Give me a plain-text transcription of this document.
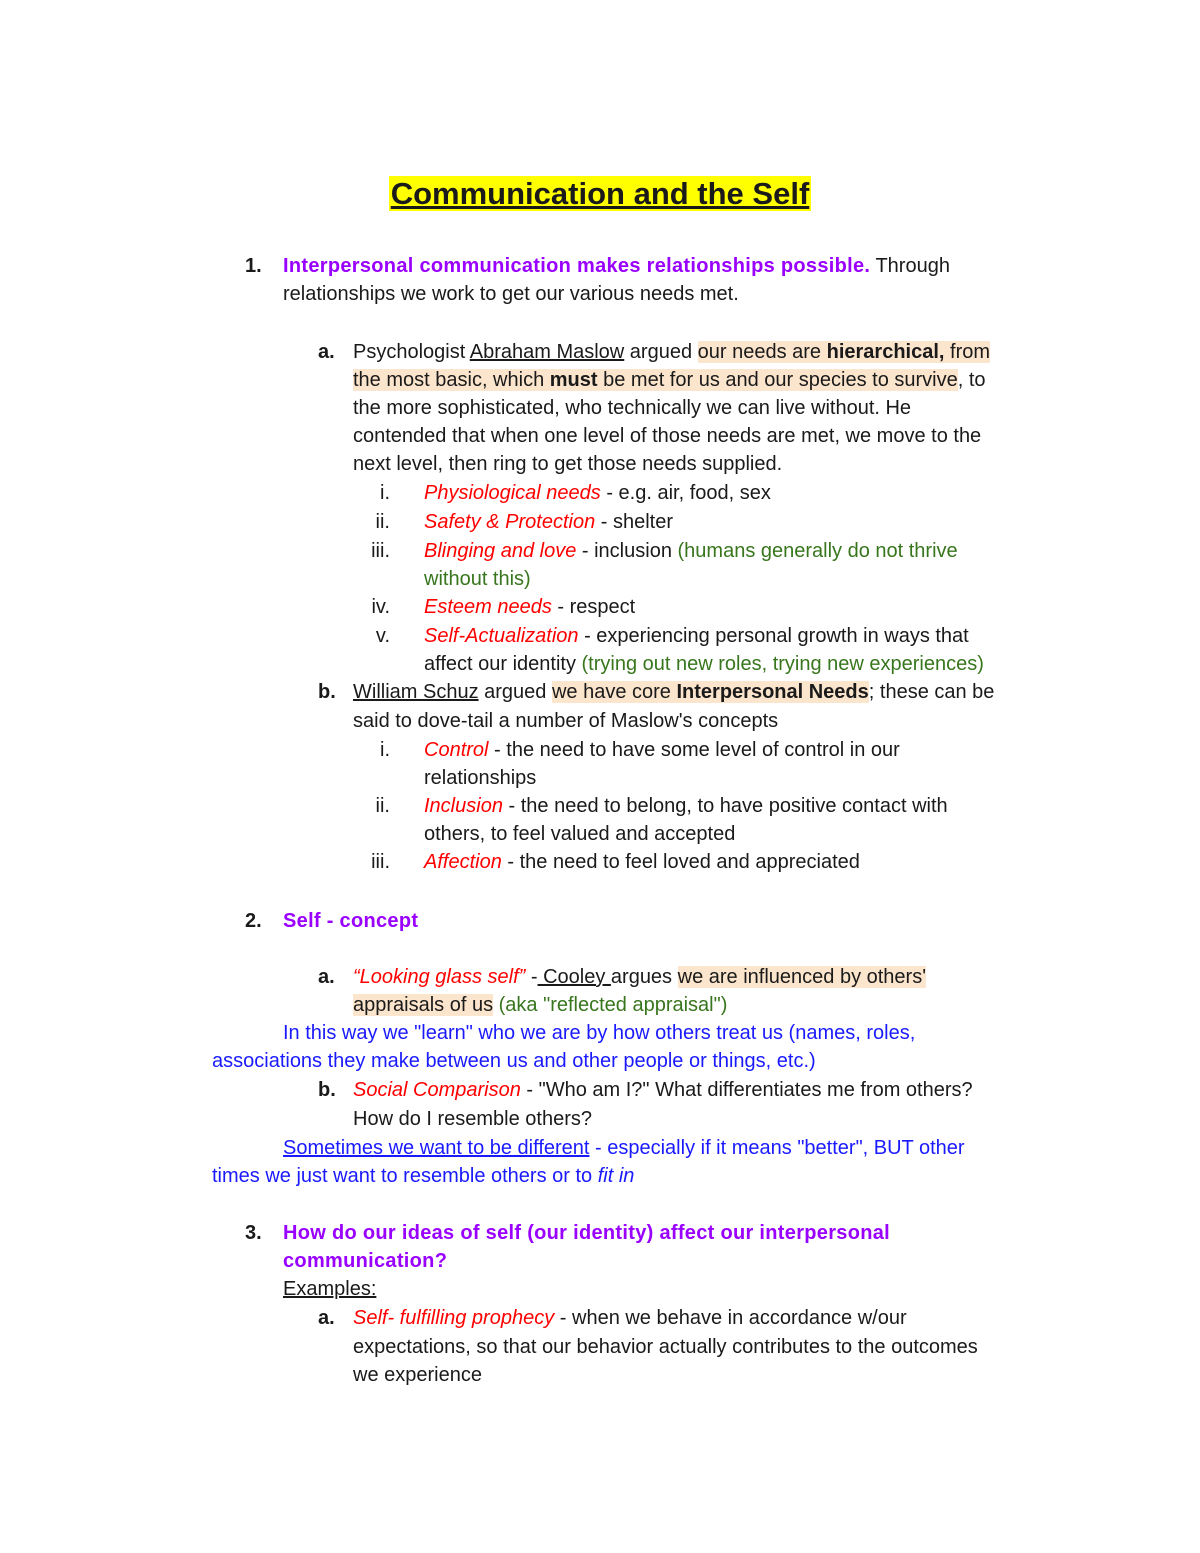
Communication and the Self
1. Interpersonal communication makes relationships possible. Through
relationships we work to get our various needs met.
a. Psychologist Abraham Maslow argued our needs are hierarchical, from
the most basic, which must be met for us and our species to survive, to
the more sophisticated, who technically we can live without. He
contended that when one level of those needs are met, we move to the
next level, then ring to get those needs supplied.
i. Physiological needs - e.g. air, food, sex
ii. Safety & Protection - shelter
iii. Blinging and love - inclusion (humans generally do not thrive
without this)
iv. Esteem needs - respect
v. Self-Actualization - experiencing personal growth in ways that
affect our identity (trying out new roles, trying new experiences)
b. William Schuz argued we have core Interpersonal Needs; these can be
said to dove-tail a number of Maslow's concepts
i. Control - the need to have some level of control in our
relationships
ii. Inclusion - the need to belong, to have positive contact with
others, to feel valued and accepted
iii. Affection - the need to feel loved and appreciated
2. Self - concept
a. “Looking glass self” - Cooley argues we are influenced by others'
appraisals of us (aka "reflected appraisal")
In this way we "learn" who we are by how others treat us (names, roles,
associations they make between us and other people or things, etc.)
b. Social Comparison - "Who am I?" What differentiates me from others?
How do I resemble others?
Sometimes we want to be different - especially if it means "better", BUT other
times we just want to resemble others or to fit in
3. How do our ideas of self (our identity) affect our interpersonal
communication?
Examples:
a. Self- fulfilling prophecy - when we behave in accordance w/our
expectations, so that our behavior actually contributes to the outcomes
we experience
